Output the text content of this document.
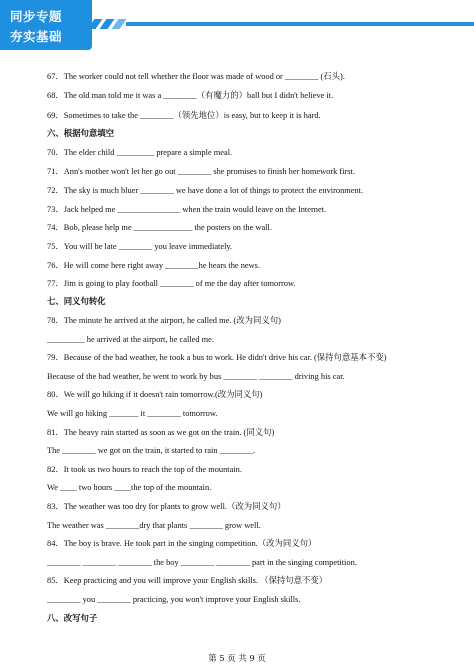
同步专题
夯实基础
67．The worker could not tell whether the floor was made of wood or ________ (石头).
68．The old man told me it was a ________（有魔力的）ball but I didn't believe it.
69．Sometimes to take the ________（领先地位）is easy, but to keep it is hard.
六、根据句意填空
70．The elder child _________ prepare a simple meal.
71．Ann's mother won't let her go out ________ she promises to finish her homework first.
72．The sky is much bluer ________ we have done a lot of things to protect the environment.
73．Jack helped me _______________ when the train would leave on the Internet.
74．Bob, please help me ______________ the posters on the wall.
75．You will be late ________ you leave immediately.
76．He will come here right away ________he hears the news.
77．Jim is going to play football ________ of me the day after tomorrow.
七、同义句转化
78．The minute he arrived at the airport, he called me. (改为同义句)
_________ he arrived at the airport, he called me.
79．Because of the bad weather, he took a bus to work. He didn't drive his car. (保持句意基本不变)
Because of the bad weather, he went to work by bus ________ ________ driving his car.
80．We will go hiking if it doesn't rain tomorrow.(改为同义句)
We will go hiking _______ it ________ tomorrow.
81．The heavy rain started as soon as we got on the train. (同义句)
The ________ we got on the train, it started to rain ________.
82．It took us two hours to reach the top of the mountain.
We ____ two hours ____the top of the mountain.
83．The weather was too dry for plants to grow well.（改为同义句）
The weather was ________dry that plants ________ grow well.
84．The boy is brave. He took part in the singing competition.（改为同义句）
________ ________ ________ the boy ________ ________ part in the singing competition.
85．Keep practicing and you will improve your English skills. （保持句意不变）
________ you ________ practicing, you won't improve your English skills.
八、改写句子
第 5 页 共 9 页
